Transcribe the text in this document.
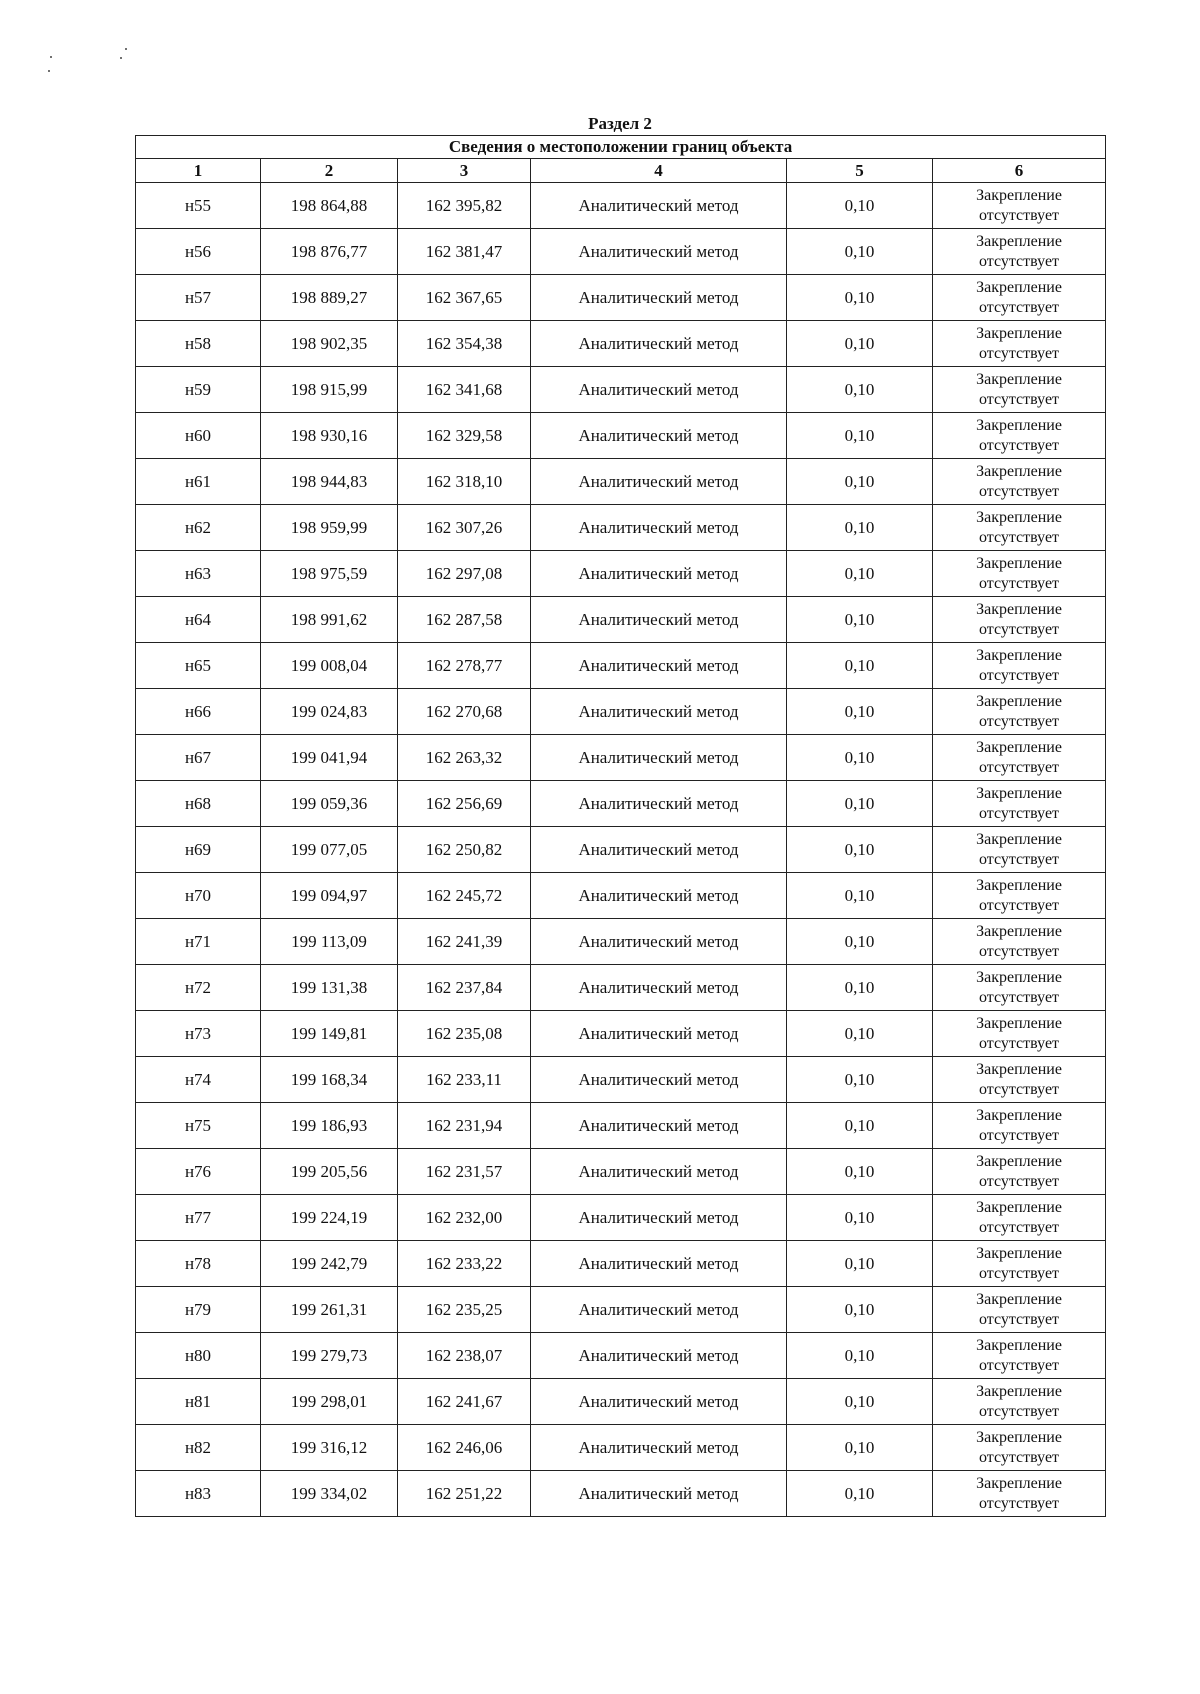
Раздел 2
Сведения о местоположении границ объекта					
1	2	3	4	5	6
н55	198 864,88	162 395,82	Аналитический метод	0,10	Закрепление
отсутствует

н56	198 876,77	162 381,47	Аналитический метод	0,10	Закрепление
отсутствует

н57	198 889,27	162 367,65	Аналитический метод	0,10	Закрепление
отсутствует

н58	198 902,35	162 354,38	Аналитический метод	0,10	Закрепление
отсутствует

н59	198 915,99	162 341,68	Аналитический метод	0,10	Закрепление
отсутствует

н60	198 930,16	162 329,58	Аналитический метод	0,10	Закрепление
отсутствует

н61	198 944,83	162 318,10	Аналитический метод	0,10	Закрепление
отсутствует

н62	198 959,99	162 307,26	Аналитический метод	0,10	Закрепление
отсутствует

н63	198 975,59	162 297,08	Аналитический метод	0,10	Закрепление
отсутствует

н64	198 991,62	162 287,58	Аналитический метод	0,10	Закрепление
отсутствует

н65	199 008,04	162 278,77	Аналитический метод	0,10	Закрепление
отсутствует

н66	199 024,83	162 270,68	Аналитический метод	0,10	Закрепление
отсутствует

н67	199 041,94	162 263,32	Аналитический метод	0,10	Закрепление
отсутствует

н68	199 059,36	162 256,69	Аналитический метод	0,10	Закрепление
отсутствует

н69	199 077,05	162 250,82	Аналитический метод	0,10	Закрепление
отсутствует

н70	199 094,97	162 245,72	Аналитический метод	0,10	Закрепление
отсутствует

н71	199 113,09	162 241,39	Аналитический метод	0,10	Закрепление
отсутствует

н72	199 131,38	162 237,84	Аналитический метод	0,10	Закрепление
отсутствует

н73	199 149,81	162 235,08	Аналитический метод	0,10	Закрепление
отсутствует

н74	199 168,34	162 233,11	Аналитический метод	0,10	Закрепление
отсутствует

н75	199 186,93	162 231,94	Аналитический метод	0,10	Закрепление
отсутствует

н76	199 205,56	162 231,57	Аналитический метод	0,10	Закрепление
отсутствует

н77	199 224,19	162 232,00	Аналитический метод	0,10	Закрепление
отсутствует

н78	199 242,79	162 233,22	Аналитический метод	0,10	Закрепление
отсутствует

н79	199 261,31	162 235,25	Аналитический метод	0,10	Закрепление
отсутствует

н80	199 279,73	162 238,07	Аналитический метод	0,10	Закрепление
отсутствует

н81	199 298,01	162 241,67	Аналитический метод	0,10	Закрепление
отсутствует

н82	199 316,12	162 246,06	Аналитический метод	0,10	Закрепление
отсутствует

н83	199 334,02	162 251,22	Аналитический метод	0,10	Закрепление
отсутствует
